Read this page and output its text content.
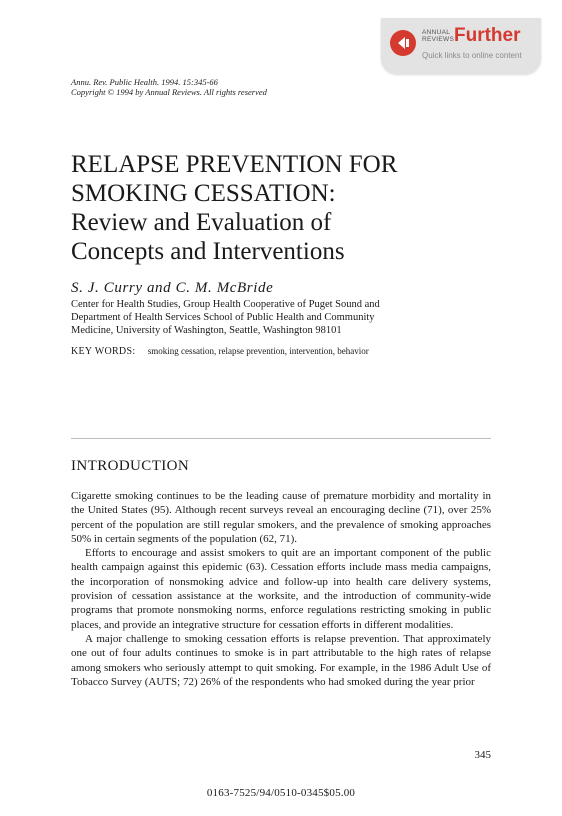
ANNUAL REVIEWS Further
Quick links to online content
Annu. Rev. Public Health. 1994. 15:345-66
Copyright © 1994 by Annual Reviews. All rights reserved
RELAPSE PREVENTION FOR
SMOKING CESSATION:
Review and Evaluation of
Concepts and Interventions
S. J. Curry and C. M. McBride
Center for Health Studies, Group Health Cooperative of Puget Sound and
Department of Health Services School of Public Health and Community
Medicine, University of Washington, Seattle, Washington 98101
KEY WORDS: smoking cessation, relapse prevention, intervention, behavior
INTRODUCTION

Cigarette smoking continues to be the leading cause of premature morbidity and mortality in the United States (95). Although recent surveys reveal an encouraging decline (71), over 25% percent of the population are still regular smokers, and the prevalence of smoking approaches 50% in certain segments of the population (62, 71).

Efforts to encourage and assist smokers to quit are an important component of the public health campaign against this epidemic (63). Cessation efforts include mass media campaigns, the incorporation of nonsmoking advice and follow-up into health care delivery systems, provision of cessation assistance at the worksite, and the introduction of community-wide programs that promote nonsmoking norms, enforce regulations restricting smoking in public places, and provide an integrative structure for cessation efforts in different modalities.

A major challenge to smoking cessation efforts is relapse prevention. That approximately one out of four adults continues to smoke is in part attributable to the high rates of relapse among smokers who seriously attempt to quit smoking. For example, in the 1986 Adult Use of Tobacco Survey (AUTS; 72) 26% of the respondents who had smoked during the year prior

345
0163-7525/94/0510-0345$05.00
